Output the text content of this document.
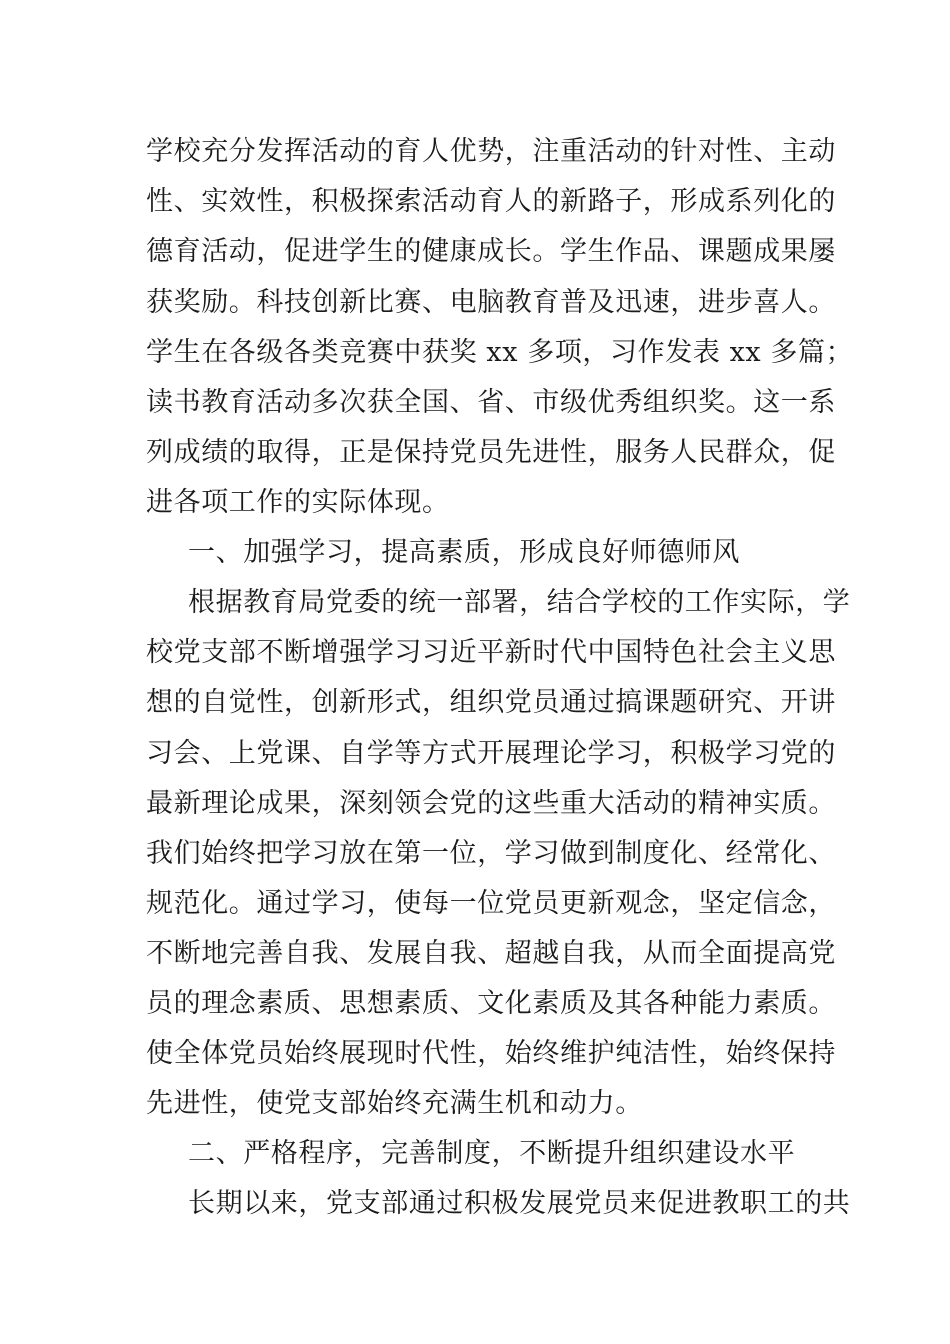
学校充分发挥活动的育人优势，注重活动的针对性、主动
性、实效性，积极探索活动育人的新路子，形成系列化的
德育活动，促进学生的健康成长。学生作品、课题成果屡
获奖励。科技创新比赛、电脑教育普及迅速，进步喜人。
学生在各级各类竞赛中获奖 xx 多项，习作发表 xx 多篇；
读书教育活动多次获全国、省、市级优秀组织奖。这一系
列成绩的取得，正是保持党员先进性，服务人民群众，促
进各项工作的实际体现。
一、加强学习，提高素质，形成良好师德师风
根据教育局党委的统一部署，结合学校的工作实际，学
校党支部不断增强学习习近平新时代中国特色社会主义思
想的自觉性，创新形式，组织党员通过搞课题研究、开讲
习会、上党课、自学等方式开展理论学习，积极学习党的
最新理论成果，深刻领会党的这些重大活动的精神实质。
我们始终把学习放在第一位，学习做到制度化、经常化、
规范化。通过学习，使每一位党员更新观念，坚定信念，
不断地完善自我、发展自我、超越自我，从而全面提高党
员的理念素质、思想素质、文化素质及其各种能力素质。
使全体党员始终展现时代性，始终维护纯洁性，始终保持
先进性，使党支部始终充满生机和动力。
二、严格程序，完善制度，不断提升组织建设水平
长期以来，党支部通过积极发展党员来促进教职工的共
